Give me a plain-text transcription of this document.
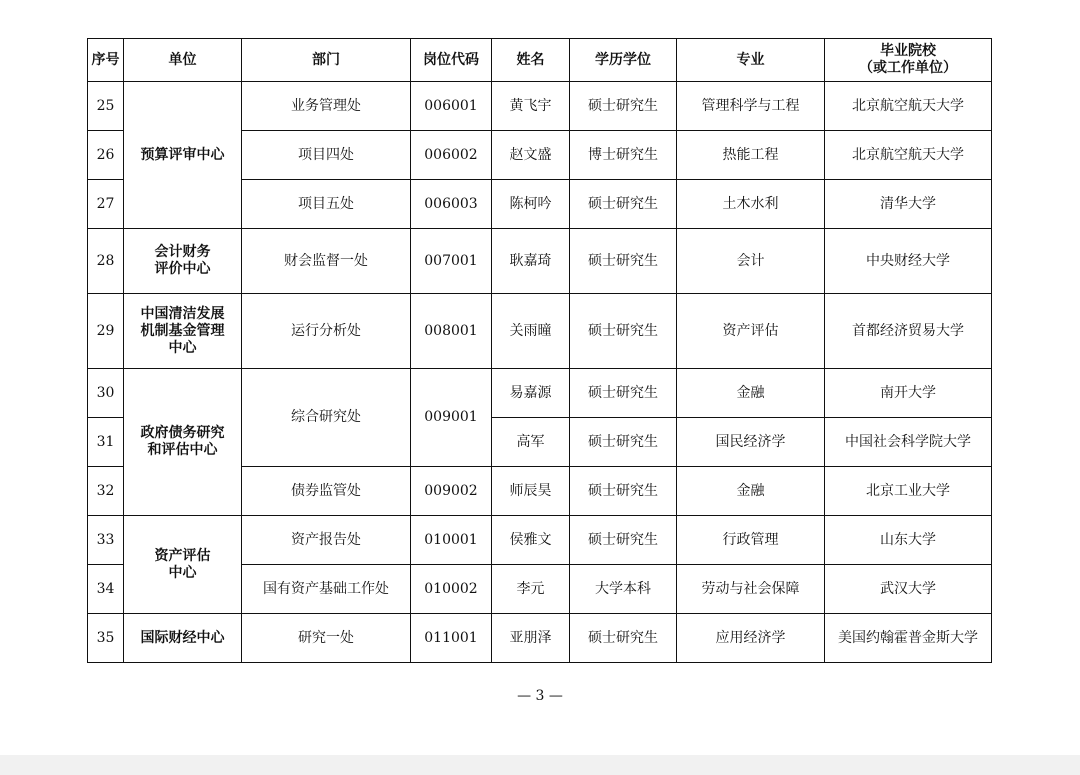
序号	单位	部门	岗位代码	姓名	学历学位	专业	毕业院校
（或工作单位）
25	预算评审中心	业务管理处	006001	黄飞宇	硕士研究生	管理科学与工程	北京航空航天大学
26		项目四处	006002	赵文盛	博士研究生	热能工程	北京航空航天大学
27		项目五处	006003	陈柯吟	硕士研究生	土木水利	清华大学
28	会计财务评价中心	财会监督一处	007001	耿嘉琦	硕士研究生	会计	中央财经大学
29	中国清洁发展机制基金管理中心	运行分析处	008001	关雨曈	硕士研究生	资产评估	首都经济贸易大学
30	政府债务研究和评估中心	综合研究处	009001	易嘉源	硕士研究生	金融	南开大学
31				高军	硕士研究生	国民经济学	中国社会科学院大学
32		债券监管处	009002	师辰昊	硕士研究生	金融	北京工业大学
33	资产评估中心	资产报告处	010001	侯雅文	硕士研究生	行政管理	山东大学
34		国有资产基础工作处	010002	李元	大学本科	劳动与社会保障	武汉大学
35	国际财经中心	研究一处	011001	亚朋泽	硕士研究生	应用经济学	美国约翰霍普金斯大学
— 3 —
